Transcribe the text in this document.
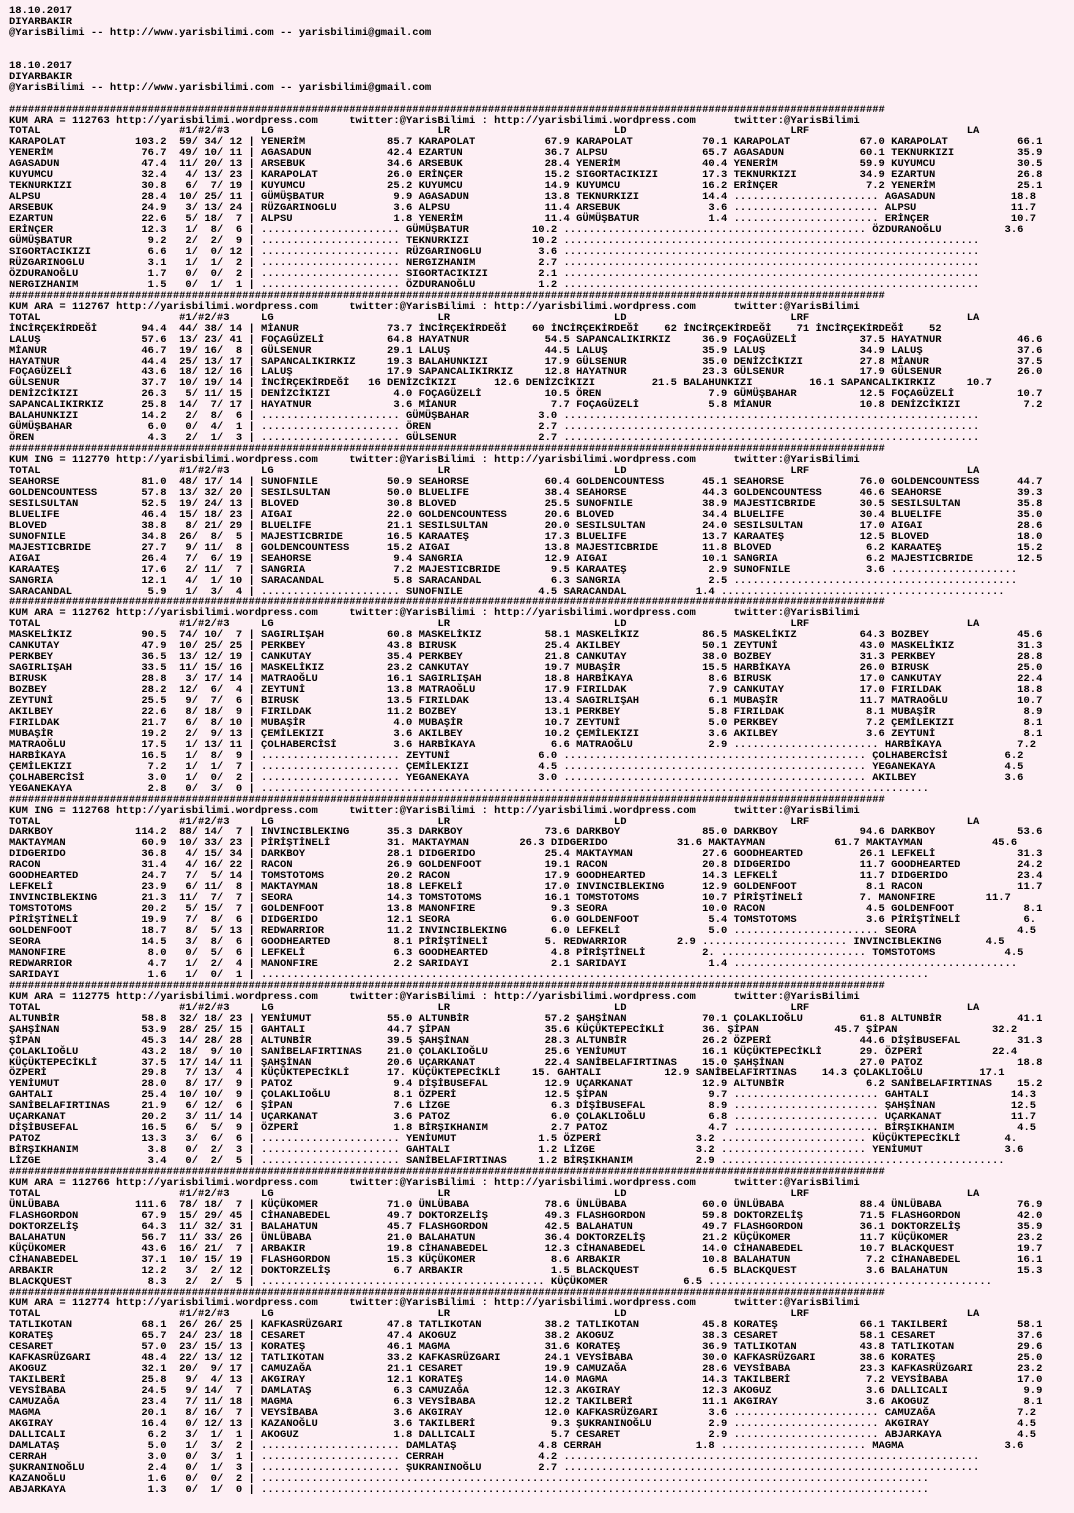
18.10.2017
DIYARBAKIR
@YarisBilimi -- http://www.yarisbilimi.com -- yarisbilimi@gmail.com

18.10.2017
DIYARBAKIR
@YarisBilimi -- http://www.yarisbilimi.com -- yarisbilimi@gmail.com

###########################################################################################################################################
KUM ARA = 112763 http://yarisbilimi.wordpress.com     twitter:@YarisBilimi : http://yarisbilimi.wordpress.com      twitter:@YarisBilimi
TOTAL                      #1/#2/#3     LG                          LR                          LD                          LRF                         LA
KARAPOLAT           103.2  59/ 34/ 12 | YENERİM             85.7 KARAPOLAT           67.9 KARAPOLAT           70.1 KARAPOLAT           67.0 KARAPOLAT           66.1
YENERİM              76.7  49/ 10/ 11 | AGASADUN            42.4 EZARTUN             36.7 ALPSU               65.7 AGASADUN            60.1 TEKNURKIZI          35.9
AGASADUN             47.4  11/ 20/ 13 | ARSEBUK             34.6 ARSEBUK             28.4 YENERİM             40.4 YENERİM             59.9 KUYUMCU             30.5
KUYUMCU              32.4   4/ 13/ 23 | KARAPOLAT           26.0 ERİNÇER             15.2 SIGORTACIKIZI       17.3 TEKNURKIZI          34.9 EZARTUN             26.8
TEKNURKIZI           30.8   6/  7/ 19 | KUYUMCU             25.2 KUYUMCU             14.9 KUYUMCU             16.2 ERİNÇER              7.2 YENERİM             25.1
ALPSU                28.4  10/ 25/ 11 | GÜMÜŞBATUR           9.9 AGASADUN            13.8 TEKNURKIZI          14.4 ....................... AGASADUN            18.8
ARSEBUK              24.9   3/ 13/ 24 | RÜZGARINOGLU         3.6 ALPSU               11.4 ARSEBUK              3.6 ....................... ALPSU               11.7
EZARTUN              22.6   5/ 18/  7 | ALPSU                1.8 YENERİM             11.4 GÜMÜŞBATUR           1.4 ....................... ERİNÇER             10.7
ERİNÇER              12.3   1/  8/  6 | ...................... GÜMÜŞBATUR          10.2 ................................................ ÖZDURANOĞLU          3.6
GÜMÜŞBATUR            9.2   2/  2/  9 | ...................... TEKNURKIZI          10.2 ..................................................................
SIGORTACIKIZI         6.6   1/  0/ 12 | ...................... RÜZGARINOGLU         3.6 ..................................................................
RÜZGARINOGLU          3.1   1/  1/  2 | ...................... NERGIZHANIM          2.7 ..................................................................
ÖZDURANOĞLU           1.7   0/  0/  2 | ...................... SIGORTACIKIZI        2.1 ..................................................................
NERGIZHANIM           1.5   0/  1/  1 | ...................... ÖZDURANOĞLU          1.2 ..................................................................
###########################################################################################################################################
KUM ARA = 112767 http://yarisbilimi.wordpress.com     twitter:@YarisBilimi : http://yarisbilimi.wordpress.com      twitter:@YarisBilimi
TOTAL                      #1/#2/#3     LG                          LR                          LD                          LRF                         LA
İNCİRÇEKİRDEĞİ       94.4  44/ 38/ 14 | MİANUR              73.7 İNCİRÇEKİRDEĞİ    60 İNCİRÇEKİRDEĞİ    62 İNCİRÇEKİRDEĞİ    71 İNCİRÇEKİRDEĞİ    52
LALUŞ                57.6  13/ 23/ 41 | FOÇAGÜZELİ          64.8 HAYATNUR            54.5 SAPANCALIKIRKIZ     36.9 FOÇAGÜZELİ          37.5 HAYATNUR            46.6
MİANUR               46.7  19/ 16/  8 | GÜLSENUR            29.1 LALUŞ               44.5 LALUŞ               35.9 LALUŞ               34.9 LALUŞ               37.6
HAYATNUR             44.4  25/ 13/ 17 | SAPANCALIKIRKIZ     19.3 BALAHUNKIZI         17.9 GÜLSENUR            35.0 DENİZCİKIZI         27.8 MİANUR              37.5
FOÇAGÜZELİ           43.6  18/ 12/ 16 | LALUŞ               17.9 SAPANCALIKIRKIZ     12.8 HAYATNUR            23.3 GÜLSENUR            17.9 GÜLSENUR            26.0
GÜLSENUR             37.7  10/ 19/ 14 | İNCİRÇEKİRDEĞİ   16 DENİZCİKIZI      12.6 DENİZCİKIZI         21.5 BALAHUNKIZI         16.1 SAPANCALIKIRKIZ     10.7
DENİZCİKIZI          26.3   5/ 11/ 15 | DENİZCİKIZI          4.0 FOÇAGÜZELİ          10.5 ÖREN                 7.9 GÜMÜŞBAHAR          12.5 FOÇAGÜZELİ          10.7
SAPANCALIKIRKIZ      25.8  14/  7/ 17 | HAYATNUR             3.6 MİANUR               7.7 FOÇAGÜZELİ           5.8 MİANUR              10.8 DENİZCİKIZI          7.2
BALAHUNKIZI          14.2   2/  8/  6 | ...................... GÜMÜŞBAHAR           3.0 ..................................................................
GÜMÜŞBAHAR            6.0   0/  4/  1 | ...................... ÖREN                 2.7 ..................................................................
ÖREN                  4.3   2/  1/  3 | ...................... GÜLSENUR             2.7 ..................................................................
###########################################################################################################################################
KUM ING = 112770 http://yarisbilimi.wordpress.com     twitter:@YarisBilimi : http://yarisbilimi.wordpress.com      twitter:@YarisBilimi
TOTAL                      #1/#2/#3     LG                          LR                          LD                          LRF                         LA
SEAHORSE             81.0  48/ 17/ 14 | SUNOFNILE           50.9 SEAHORSE            60.4 GOLDENCOUNTESS      45.1 SEAHORSE            76.0 GOLDENCOUNTESS      44.7
GOLDENCOUNTESS       57.8  13/ 32/ 20 | SESILSULTAN         50.0 BLUELIFE            38.4 SEAHORSE            44.3 GOLDENCOUNTESS      46.6 SEAHORSE            39.3
SESILSULTAN          52.5  19/ 24/ 13 | BLOVED              30.8 BLOVED              25.5 SUNOFNILE           38.9 MAJESTICBRIDE       30.5 SESILSULTAN         35.8
BLUELIFE             46.4  15/ 18/ 23 | AIGAI               22.0 GOLDENCOUNTESS      20.6 BLOVED              34.4 BLUELIFE            30.4 BLUELIFE            35.0
BLOVED               38.8   8/ 21/ 29 | BLUELIFE            21.1 SESILSULTAN         20.0 SESILSULTAN         24.0 SESILSULTAN         17.0 AIGAI               28.6
SUNOFNILE            34.8  26/  8/  5 | MAJESTICBRIDE       16.5 KARAATEŞ            17.3 BLUELIFE            13.7 KARAATEŞ            12.5 BLOVED              18.0
MAJESTICBRIDE        27.7   9/ 11/  8 | GOLDENCOUNTESS      15.2 AIGAI               13.8 MAJESTICBRIDE       11.8 BLOVED               6.2 KARAATEŞ            15.2
AIGAI                26.4   7/  6/ 19 | SEAHORSE             9.4 SANGRIA             12.9 AIGAI               10.1 SANGRIA              6.2 MAJESTICBRIDE       12.5
KARAATEŞ             17.6   2/ 11/  7 | SANGRIA              7.2 MAJESTICBRIDE        9.5 KARAATEŞ             2.9 SUNOFNILE            3.6 ....................
SANGRIA              12.1   4/  1/ 10 | SARACANDAL           5.8 SARACANDAL           6.3 SANGRIA              2.5 .............................................
SARACANDAL            5.9   1/  3/  4 | ...................... SUNOFNILE            4.5 SARACANDAL           1.4 .............................................
###########################################################################################################################################
KUM ARA = 112762 http://yarisbilimi.wordpress.com     twitter:@YarisBilimi : http://yarisbilimi.wordpress.com      twitter:@YarisBilimi
TOTAL                      #1/#2/#3     LG                          LR                          LD                          LRF                         LA
MASKELİKIZ           90.5  74/ 10/  7 | SAGIRLIŞAH          60.8 MASKELİKIZ          58.1 MASKELİKIZ          86.5 MASKELİKIZ          64.3 BOZBEY              45.6
CANKUTAY             47.9  10/ 25/ 25 | PERKBEY             43.8 BIRUSK              25.4 AKILBEY             50.1 ZEYTUNİ             43.0 MASKELİKIZ          31.3
PERKBEY              36.5  13/ 12/ 19 | CANKUTAY            35.4 PERKBEY             21.8 CANKUTAY            38.0 BOZBEY              31.3 PERKBEY             28.8
SAGIRLIŞAH           33.5  11/ 15/ 16 | MASKELİKIZ          23.2 CANKUTAY            19.7 MUBAŞİR             15.5 HARBİKAYA           26.0 BIRUSK              25.0
BIRUSK               28.8   3/ 17/ 14 | MATRAOĞLU           16.1 SAGIRLIŞAH          18.8 HARBİKAYA            8.6 BIRUSK              17.0 CANKUTAY            22.4
BOZBEY               28.2  12/  6/  4 | ZEYTUNİ             13.8 MATRAOĞLU           17.9 FIRILDAK             7.9 CANKUTAY            17.0 FIRILDAK            18.8
ZEYTUNİ              25.5   9/  7/  6 | BIRUSK              13.5 FIRILDAK            13.4 SAGIRLIŞAH           6.1 MUBAŞİR             11.7 MATRAOĞLU           10.7
AKILBEY              22.6   8/ 18/  9 | FIRILDAK            11.2 BOZBEY              13.1 PERKBEY              5.8 FIRILDAK             8.1 MUBAŞİR              8.9
FIRILDAK             21.7   6/  8/ 10 | MUBAŞİR              4.0 MUBAŞİR             10.7 ZEYTUNİ              5.0 PERKBEY              7.2 ÇEMİLEKIZI           8.1
MUBAŞİR              19.2   2/  9/ 13 | ÇEMİLEKIZI           3.6 AKILBEY             10.2 ÇEMİLEKIZI           3.6 AKILBEY              3.6 ZEYTUNİ              8.1
MATRAOĞLU            17.5   1/ 13/ 11 | ÇOLHABERCİSİ         3.6 HARBİKAYA            6.6 MATRAOĞLU            2.9 ....................... HARBİKAYA            7.2
HARBİKAYA            16.5   1/  8/  9 | ...................... ZEYTUNİ              6.0 ................................................ ÇOLHABERCİSİ         6.2
ÇEMİLEKIZI            7.2   1/  1/  7 | ...................... ÇEMİLEKIZI           4.5 ................................................ YEGANEKAYA           4.5
ÇOLHABERCİSİ          3.0   1/  0/  2 | ...................... YEGANEKAYA           3.0 ................................................ AKILBEY              3.6
YEGANEKAYA            2.8   0/  3/  0 | ..........................................................................................................
###########################################################################################################################################
KUM ING = 112768 http://yarisbilimi.wordpress.com     twitter:@YarisBilimi : http://yarisbilimi.wordpress.com      twitter:@YarisBilimi
TOTAL                      #1/#2/#3     LG                          LR                          LD                          LRF                         LA
DARKBOY             114.2  88/ 14/  7 | INVINCIBLEKING      35.3 DARKBOY             73.6 DARKBOY             85.0 DARKBOY             94.6 DARKBOY             53.6
MAKTAYMAN            60.9  10/ 33/ 23 | PİRİŞTİNELİ         31. MAKTAYMAN        26.3 DIDGERIDO           31.6 MAKTAYMAN           61.7 MAKTAYMAN           45.6
DIDGERIDO            36.8   4/ 15/ 34 | DARKBOY             28.1 DIDGERIDO           25.4 MAKTAYMAN           27.6 GOODHEARTED         26.1 LEFKELİ             31.3
RACON                31.4   4/ 16/ 22 | RACON               26.9 GOLDENFOOT          19.1 RACON               20.8 DIDGERIDO           11.7 GOODHEARTED         24.2
GOODHEARTED          24.7   7/  5/ 14 | TOMSTOTOMS          20.2 RACON               17.9 GOODHEARTED         14.3 LEFKELİ             11.7 DIDGERIDO           23.4
LEFKELİ              23.9   6/ 11/  8 | MAKTAYMAN           18.8 LEFKELİ             17.0 INVINCIBLEKING      12.9 GOLDENFOOT           8.1 RACON               11.7
INVINCIBLEKING       21.3  11/  7/  7 | SEORA               14.3 TOMSTOTOMS          16.1 TOMSTOTOMS          10.7 PİRİŞTİNELİ         7. MANONFIRE        11.7
TOMSTOTOMS           20.2   5/ 15/  7 | GOLDENFOOT          13.8 MANONFIRE            9.3 SEORA               10.0 RACON                4.5 GOLDENFOOT           8.1
PİRİŞTİNELİ          19.9   7/  8/  6 | DIDGERIDO           12.1 SEORA                6.0 GOLDENFOOT           5.4 TOMSTOTOMS           3.6 PİRİŞTİNELİ          6.
GOLDENFOOT           18.7   8/  5/ 13 | REDWARRIOR          11.2 INVINCIBLEKING       6.0 LEFKELİ              5.0 ....................... SEORA                4.5
SEORA                14.5   3/  8/  6 | GOODHEARTED          8.1 PİRİŞTİNELİ         5. REDWARRIOR        2.9 ....................... INVINCIBLEKING       4.5
MANONFIRE             8.0   0/  5/  6 | LEFKELİ              6.3 GOODHEARTED          4.8 PİRİŞTİNELİ         2. ....................... TOMSTOTOMS           4.5
REDWARRIOR            4.7   1/  2/  4 | MANONFIRE            2.2 SARIDAYI             2.1 SARIDAYI             1.4 .............................................
SARIDAYI              1.6   1/  0/  1 | ..........................................................................................................
###########################################################################################################################################
KUM ARA = 112775 http://yarisbilimi.wordpress.com     twitter:@YarisBilimi : http://yarisbilimi.wordpress.com      twitter:@YarisBilimi
TOTAL                      #1/#2/#3     LG                          LR                          LD                          LRF                         LA
ALTUNBİR             58.8  32/ 18/ 23 | YENİUMUT            55.0 ALTUNBİR            57.2 ŞAHŞİNAN            70.1 ÇOLAKLIOĞLU         61.8 ALTUNBİR            41.1
ŞAHŞİNAN             53.9  28/ 25/ 15 | GAHTALI             44.7 ŞİPAN               35.6 KÜÇÜKTEPECİKLİ      36. ŞİPAN            45.7 ŞİPAN               32.2
ŞİPAN                45.3  14/ 28/ 28 | ALTUNBİR            39.5 ŞAHŞİNAN            28.3 ALTUNBİR            26.2 ÖZPERİ              44.6 DİŞİBUSEFAL         31.3
ÇOLAKLIOĞLU          43.2  18/  9/ 10 | SANİBELAFIRTINAS    21.0 ÇOLAKLIOĞLU         25.6 YENİUMUT            16.1 KÜÇÜKTEPECİKLİ      29. ÖZPERİ           22.4
KÜÇÜKTEPECİKLİ       37.5  17/ 14/ 11 | ŞAHŞİNAN            20.6 UÇARKANAT           22.4 SANİBELAFIRTINAS    15.0 ŞAHŞİNAN            27.0 PATOZ               18.8
ÖZPERİ               29.8   7/ 13/  4 | KÜÇÜKTEPECİKLİ      17. KÜÇÜKTEPECİKLİ     15. GAHTALI          12.9 SANİBELAFIRTINAS    14.3 ÇOLAKLIOĞLU         17.1
YENİUMUT             28.0   8/ 17/  9 | PATOZ                9.4 DİŞİBUSEFAL         12.9 UÇARKANAT           12.9 ALTUNBİR             6.2 SANİBELAFIRTINAS    15.2
GAHTALI              25.4  10/ 10/  9 | ÇOLAKLIOĞLU          8.1 ÖZPERİ              12.5 ŞİPAN                9.7 ....................... GAHTALI             14.3
SANİBELAFIRTINAS     21.9   6/ 12/  6 | ŞİPAN                7.6 LİZGE                6.3 DİŞİBUSEFAL          8.9 ....................... ŞAHŞİNAN            12.5
UÇARKANAT            20.2   3/ 11/ 14 | UÇARKANAT            3.6 PATOZ                6.0 ÇOLAKLIOĞLU          6.8 ....................... UÇARKANAT           11.7
DİŞİBUSEFAL          16.5   6/  5/  9 | ÖZPERİ               1.8 BİRŞIKHANIM          2.7 PATOZ                4.7 ....................... BİRŞIKHANIM          4.5
PATOZ                13.3   3/  6/  6 | ...................... YENİUMUT             1.5 ÖZPERİ               3.2 ....................... KÜÇÜKTEPECİKLİ       4.
BİRŞIKHANIM           3.8   0/  2/  3 | ...................... GAHTALI              1.2 LİZGE                3.2 ....................... YENİUMUT             3.6
LİZGE                 3.4   0/  2/  5 | ...................... SANİBELAFIRTINAS     1.2 BİRŞIKHANIM          2.9 .............................................
###########################################################################################################################################
KUM ARA = 112766 http://yarisbilimi.wordpress.com     twitter:@YarisBilimi : http://yarisbilimi.wordpress.com      twitter:@YarisBilimi
TOTAL                      #1/#2/#3     LG                          LR                          LD                          LRF                         LA
ÜNLÜBABA            111.6  78/ 18/  7 | KÜÇÜKOMER           71.0 ÜNLÜBABA            78.6 ÜNLÜBABA            60.0 ÜNLÜBABA            88.4 ÜNLÜBABA            76.9
FLASHGORDON          67.9  15/ 29/ 45 | CİHANABEDEL         49.7 DOKTORZELİŞ         49.3 FLASHGORDON         59.8 DOKTORZELİŞ         71.5 FLASHGORDON         42.0
DOKTORZELİŞ          64.3  11/ 32/ 31 | BALAHATUN           45.7 FLASHGORDON         42.5 BALAHATUN           49.7 FLASHGORDON         36.1 DOKTORZELİŞ         35.9
BALAHATUN            56.7  11/ 33/ 26 | ÜNLÜBABA            21.0 BALAHATUN           36.4 DOKTORZELİŞ         21.2 KÜÇÜKOMER           11.7 KÜÇÜKOMER           23.2
KÜÇÜKOMER            43.6  16/ 21/  7 | ARBAKIR             19.8 CİHANABEDEL         12.3 CİHANABEDEL         14.0 CİHANABEDEL         10.7 BLACKQUEST          19.7
CİHANABEDEL          37.1  10/ 15/ 19 | FLASHGORDON         15.3 KÜÇÜKOMER            8.6 ARBAKIR             10.8 BALAHATUN            7.2 CİHANABEDEL         16.1
ARBAKIR              12.2   3/  2/ 12 | DOKTORZELİŞ          6.7 ARBAKIR              1.5 BLACKQUEST           6.5 BLACKQUEST           3.6 BALAHATUN           15.3
BLACKQUEST            8.3   2/  2/  5 | ............................................. KÜÇÜKOMER            6.5 .............................................
###########################################################################################################################################
KUM ARA = 112774 http://yarisbilimi.wordpress.com     twitter:@YarisBilimi : http://yarisbilimi.wordpress.com      twitter:@YarisBilimi
TOTAL                      #1/#2/#3     LG                          LR                          LD                          LRF                         LA
TATLIKOTAN           68.1  26/ 26/ 25 | KAFKASRÜZGARI       47.8 TATLIKOTAN          38.2 TATLIKOTAN          45.8 KORATEŞ             66.1 TAKILBERİ           58.1
KORATEŞ              65.7  24/ 23/ 18 | CESARET             47.4 AKOGUZ              38.2 AKOGUZ              38.3 CESARET             58.1 CESARET             37.6
CESARET              57.0  23/ 15/ 13 | KORATEŞ             46.1 MAGMA               31.6 KORATEŞ             36.9 TATLIKOTAN          43.8 TATLIKOTAN          29.6
KAFKASRÜZGARI        48.4  22/ 13/ 12 | TATLIKOTAN          33.2 KAFKASRÜZGARI       24.1 VEYSİBABA           30.0 KAFKASRÜZGARI       38.6 KORATEŞ             25.0
AKOGUZ               32.1  20/  9/ 17 | CAMUZAĞA            21.1 CESARET             19.9 CAMUZAĞA            28.6 VEYSİBABA           23.3 KAFKASRÜZGARI       23.2
TAKILBERİ            25.8   9/  4/ 13 | AKGIRAY             12.1 KORATEŞ             14.0 MAGMA               14.3 TAKILBERİ            7.2 VEYSİBABA           17.0
VEYSİBABA            24.5   9/ 14/  7 | DAMLATAŞ             6.3 CAMUZAĞA            12.3 AKGIRAY             12.3 AKOGUZ               3.6 DALLICALI            9.9
CAMUZAĞA             23.4   7/ 11/ 18 | MAGMA                6.3 VEYSİBABA           12.2 TAKILBERİ           11.1 AKGIRAY              3.6 AKOGUZ               8.1
MAGMA                20.1   8/ 16/  7 | VEYSİBABA            3.6 AKGIRAY             12.0 KAFKASRÜZGARI        3.6 ....................... CAMUZAĞA             7.2
AKGIRAY              16.4   0/ 12/ 13 | KAZANOĞLU            3.6 TAKILBERİ            9.3 ŞUKRANINOĞLU         2.9 ....................... AKGIRAY              4.5
DALLICALI             6.2   3/  1/  1 | AKOGUZ               1.8 DALLICALI            5.7 CESARET              2.9 ....................... ABJARKAYA            4.5
DAMLATAŞ              5.0   1/  3/  2 | ...................... DAMLATAŞ             4.8 CERRAH               1.8 ....................... MAGMA                3.6
CERRAH                3.0   0/  3/  1 | ...................... CERRAH               4.2 ..................................................................
ŞUKRANINOĞLU          2.4   0/  1/  3 | ...................... ŞUKRANINOĞLU         2.7 ..................................................................
KAZANOĞLU             1.6   0/  0/  2 | ..........................................................................................................
ABJARKAYA             1.3   0/  1/  0 | ..........................................................................................................
